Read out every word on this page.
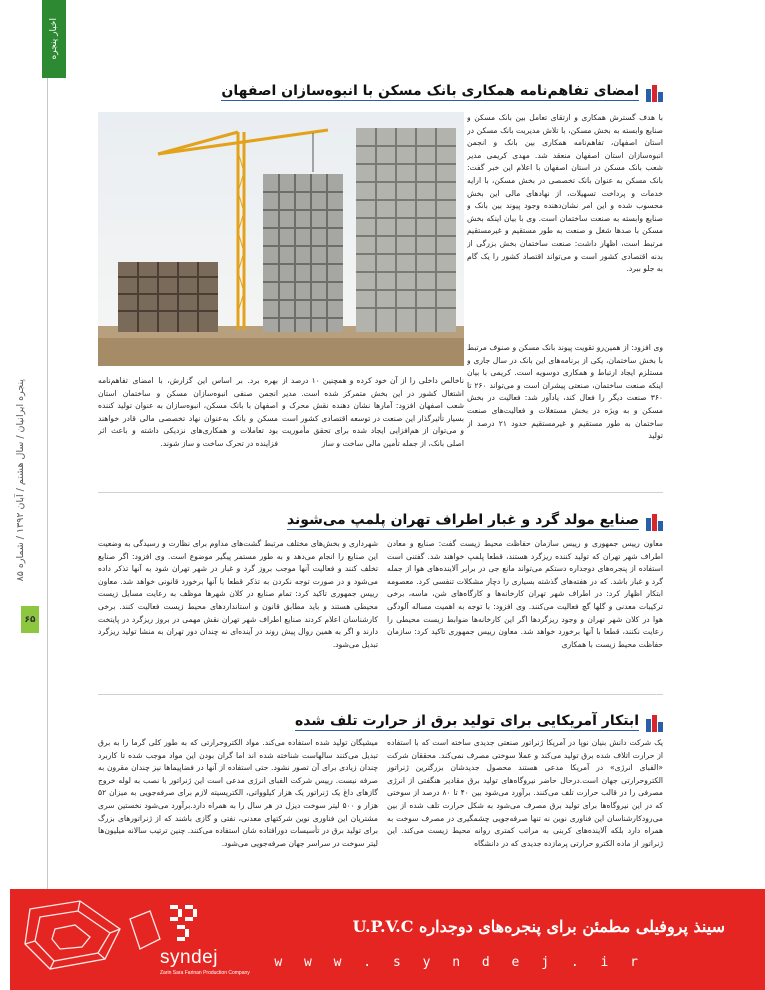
اخبار پنجره
پنجره ایرانیان / سال هشتم / آبان ۱۳۹۲ / شماره ۸۵
۶۵
امضای تفاهم‌نامه همکاری بانک مسکن با انبوه‌سازان اصفهان

با هدف گسترش همکاری و ارتقای تعامل بین بانک مسکن و صنایع وابسته به بخش مسکن، با تلاش مدیریت بانک مسکن در استان اصفهان، تفاهم‌نامه همکاری بین بانک و انجمن انبوه‌سازان استان اصفهان منعقد شد. مهدی کریمی مدیر شعب بانک مسکن در استان اصفهان با اعلام این خبر گفت: بانک مسکن به عنوان بانک تخصصی در بخش مسکن، با ارایه خدمات و پرداخت تسهیلات، از نهادهای مالی این بخش محسوب شده و این امر نشان‌دهنده وجود پیوند بین بانک و صنایع وابسته به صنعت ساختمان است. وی با بیان اینکه بخش مسکن با صدها شغل و صنعت به طور مستقیم و غیرمستقیم مرتبط است، اظهار داشت: صنعت ساختمان بخش بزرگی از بدنه اقتصادی کشور است و می‌تواند اقتصاد کشور را یک گام به جلو ببرد.

وی افزود: از همین‌رو تقویت پیوند بانک مسکن و صنوف مرتبط با بخش ساختمان، یکی از برنامه‌های این بانک در سال جاری و مستلزم ایجاد ارتباط و همکاری دوسویه است. کریمی با بیان اینکه صنعت ساختمان، صنعتی پیشران است و می‌تواند ۲۶۰ تا ۳۶۰ صنعت دیگر را فعال کند، یادآور شد: فعالیت در بخش مسکن و به ویژه در بخش مستغلات و فعالیت‌های صنعت ساختمان به طور مستقیم و غیرمستقیم حدود ۲۱ درصد از تولید

ناخالص داخلی را از آن خود کرده و همچنین ۱۰ درصد از اشتغال کشور در این بخش متمرکز شده است. مدیر شعب اصفهان افزود: آمارها نشان دهنده نقش محرک و بسیار تأثیرگذار این صنعت در توسعه اقتصادی کشور است و می‌توان از هم‌افزایی ایجاد شده برای تحقق مأموریت اصلی بانک، از جمله تأمین مالی ساخت و ساز

بهره برد. بر اساس این گزارش، با امضای تفاهم‌نامه انجمن صنفی انبوه‌سازان مسکن و ساختمان استان اصفهان با بانک مسکن، انبوه‌سازان به عنوان تولید کننده مسکن و بانک به‌عنوان نهاد تخصصی مالی قادر خواهند بود تعاملات و همکاری‌های نزدیکی داشته و باعث اثر فزاینده در تحرک ساخت و ساز شوند.

صنایع مولد گرد و غبار اطراف تهران پلمپ می‌شوند

معاون رییس جمهوری و رییس سازمان حفاظت محیط زیست گفت: صنایع و معادن اطراف شهر تهران که تولید کننده ریزگرد هستند، قطعا پلمپ خواهند شد. گفتنی است استفاده از پنجره‌های دوجداره دستکم می‌تواند مانع جی در برابر آلاینده‌های هوا از جمله گرد و غبار باشد. که در هفته‌های گذشته بسیاری را دچار مشکلات تنفسی کرد. معصومه ابتکار اظهار کرد: در اطراف شهر تهران کارخانه‌ها و کارگاه‌های شن، ماسه، برخی ترکیبات معدنی و گلها گچ فعالیت می‌کنند. وی افزود: با توجه به اهمیت مساله آلودگی هوا در کلان شهر تهران و وجود ریزگردها اگر این کارخانه‌ها ضوابط زیست محیطی را رعایت نکنند، قطعا با آنها برخورد خواهد شد. معاون رییس جمهوری تاکید کرد: سازمان حفاظت محیط زیست با همکاری

شهرداری و بخش‌های مختلف مرتبط گشت‌های مداوم برای نظارت و رسیدگی به وضعیت این صنایع را انجام می‌دهد و به طور مستمر پیگیر موضوع است. وی افزود: اگر صنایع تخلف کنند و فعالیت آنها موجب بروز گرد و غبار در شهر تهران شود به آنها تذکر داده می‌شود و در صورت توجه نکردن به تذکر قطعا با آنها برخورد قانونی خواهد شد. معاون رییس جمهوری تاکید کرد: تمام صنایع در کلان شهرها موظف به رعایت مسایل زیست محیطی هستند و باید مطابق قانون و استانداردهای محیط زیست فعالیت کنند. برخی کارشناسان اعلام کردند صنایع اطراف شهر تهران نقش مهمی در بروز ریزگرد در پایتخت دارند و اگر به همین روال پیش روند در آینده‌ای نه چندان دور تهران به منشا تولید ریزگرد تبدیل می‌شود.

ابتکار آمریکایی برای تولید برق از حرارت تلف شده

یک شرکت دانش بنیان نوپا در آمریکا ژنراتور صنعتی جدیدی ساخته است که با استفاده از حرارت اتلاف شده برق تولید می‌کند و عملا سوختی مصرف نمی‌کند. محققان شرکت «الفبای انرژی» در آمریکا مدعی هستند محصول جدیدشان بزرگترین ژنراتور الکتروحرارتی جهان است.درحال حاضر نیروگاه‌های تولید برق مقادیر هنگفتی از انرژی مصرفی را در قالب حرارت تلف می‌کنند. برآورد می‌شود بین ۴۰ تا ۸۰ درصد از سوختی که در این نیروگاه‌ها برای تولید برق مصرف می‌شود به شکل حرارت تلف شده از بین می‌رودکارشناسان این فناوری نوین نه تنها صرفه‌جویی چشمگیری در مصرف سوخت به همراه دارد بلکه آلاینده‌های کربنی به مراتب کمتری روانه محیط زیست می‌کند. این ژنراتور از ماده الکترو حرارتی پرمازده جدیدی که در دانشگاه

میشیگان تولید شده استفاده می‌کند. مواد الکتروحرارتی که به طور کلی گرما را به برق تبدیل می‌کنند سالهاست شناخته شده اند اما گران بودن این مواد موجب شده تا کاربرد چندان زیادی برای آن تصور نشود. حتی استفاده از آنها در فضاپیماها نیز چندان مقرون به صرفه نیست. رییس شرکت الفبای انرژی مدعی است این ژنراتور با نصب به لوله خروج گازهای داغ یک ژنراتور یک هزار کیلوواتی، الکتریسیته لازم برای صرفه‌جویی به میزان ۵۲ هزار و ۵۰۰ لیتر سوخت دیزل در هر سال را به همراه دارد.برآورد می‌شود نخستین سری مشتریان این فناوری نوین شرکتهای معدنی، نفتی و گازی باشند که از ژنراتورهای بزرگ برای تولید برق در تأسیسات دورافتاده شان استفاده می‌کنند. چنین ترتیب سالانه میلیون‌ها لیتر سوخت در سراسر جهان صرفه‌جویی می‌شود.

سینذ پروفیلی مطمئن برای پنجره‌های دوجداره U.P.V.C
w w w . s y n d e j . i r
syndej
Zarin Sara Farinan Production Company
